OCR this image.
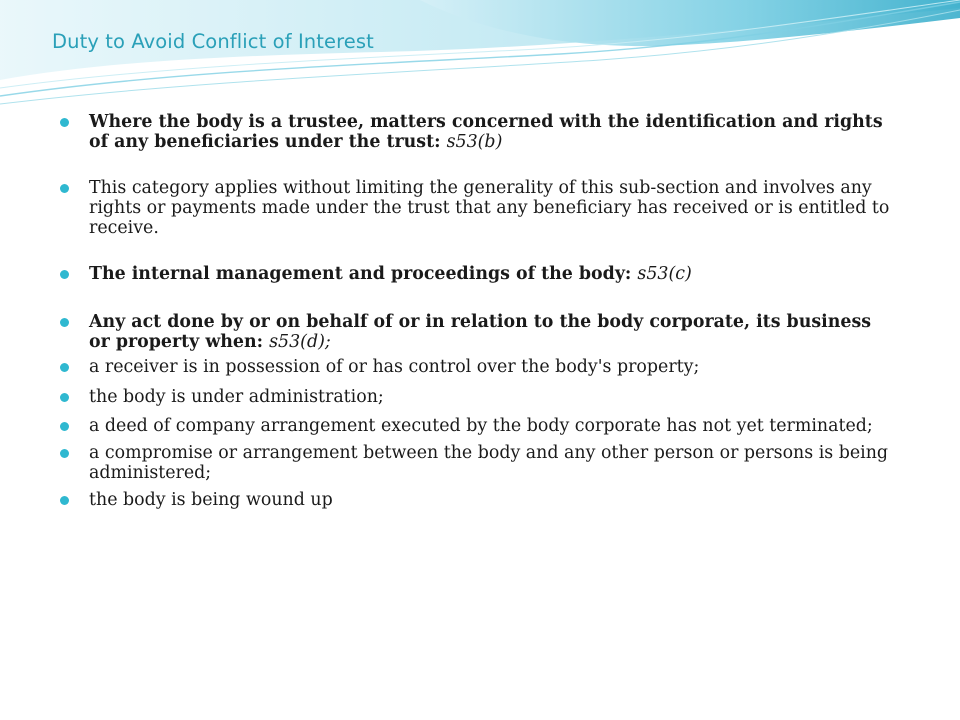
Duty to Avoid Conflict of Interest
Where the body is a trustee, matters concerned with the identification and rights of any beneficiaries under the trust: s53(b)
This category applies without limiting the generality of this sub-section and involves any rights or payments made under the trust that any beneficiary has received or is entitled to receive.
The internal management and proceedings of the body: s53(c)
Any act done by or on behalf of or in relation to the body corporate, its business or property when: s53(d);
a receiver is in possession of or has control over the body's property;
the body is under administration;
a deed of company arrangement executed by the body corporate has not yet terminated;
a compromise or arrangement between the body and any other person or persons is being administered;
the body is being wound up
